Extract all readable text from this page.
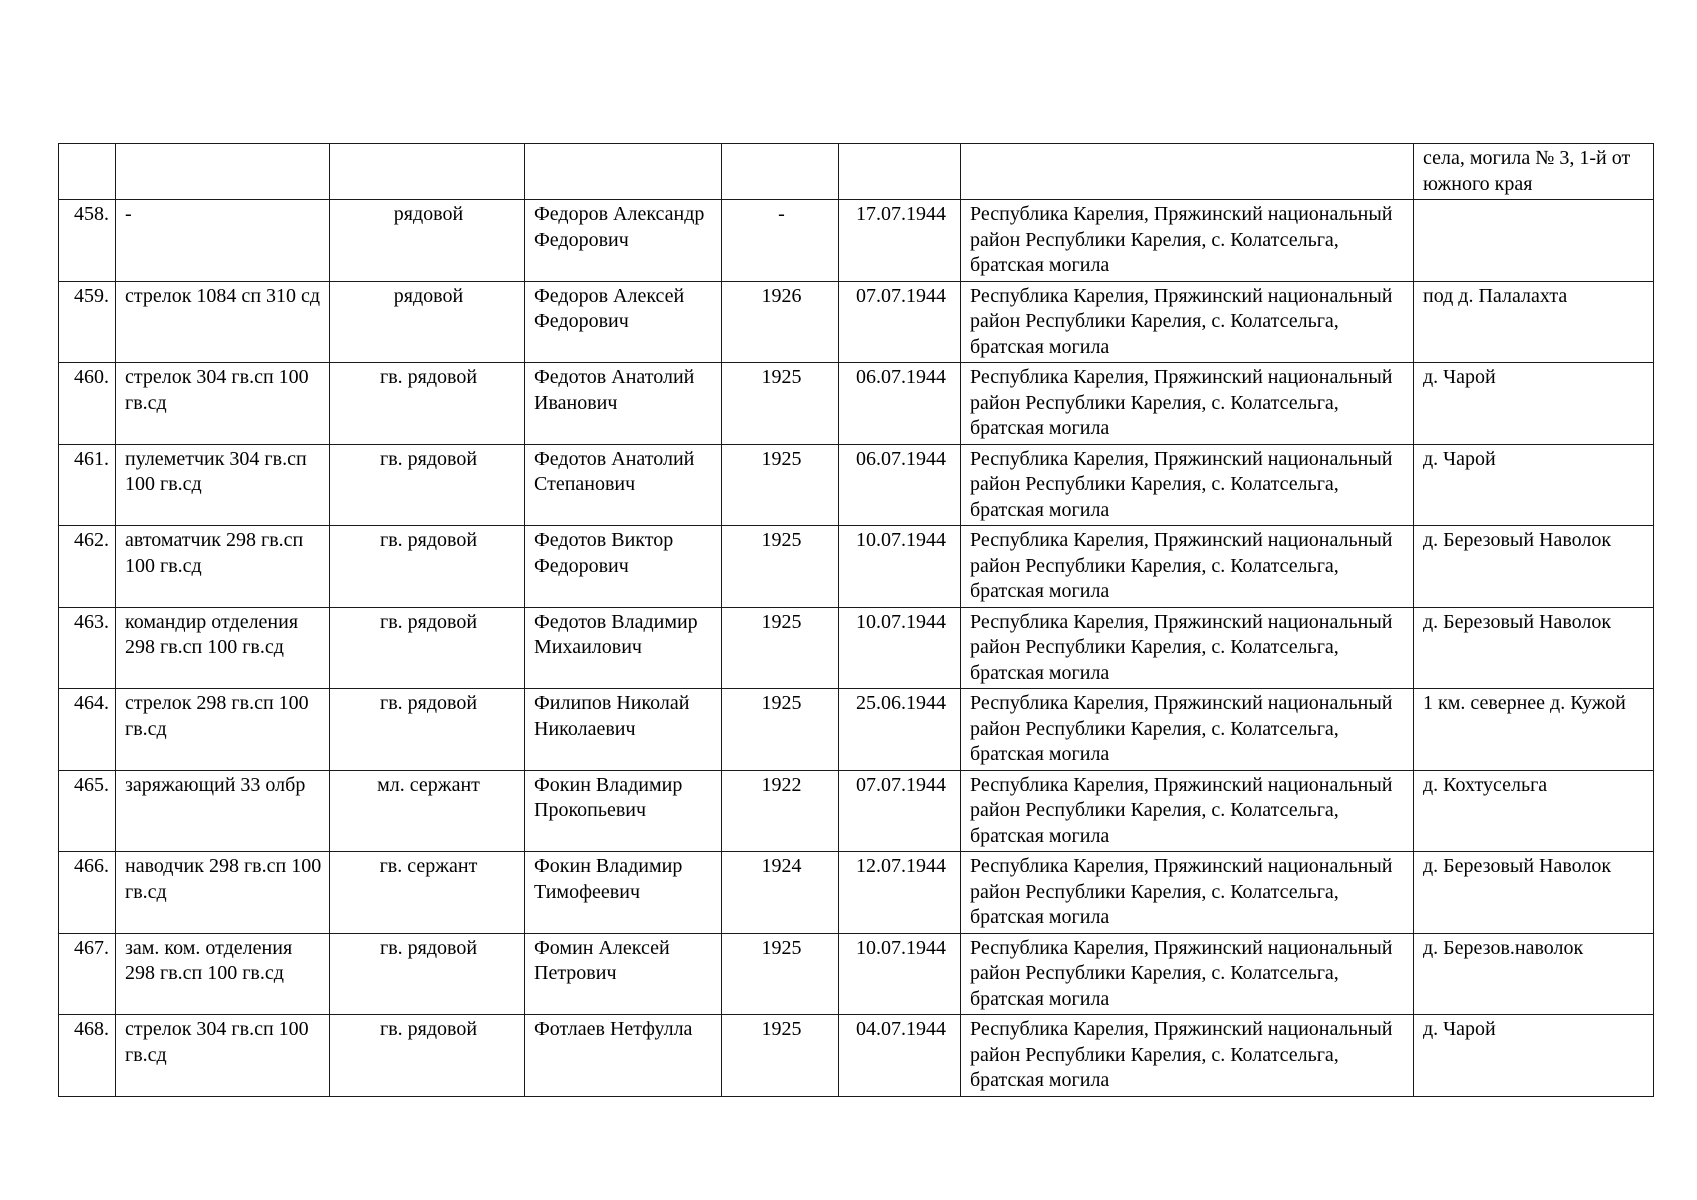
							села, могила № 3, 1-й от южного края
458.	-	рядовой	Федоров Александр Федорович	-	17.07.1944	Республика Карелия, Пряжинский национальный район Республики Карелия, с. Колатсельга, братская могила	
459.	стрелок 1084 сп 310 сд	рядовой	Федоров Алексей Федорович	1926	07.07.1944	Республика Карелия, Пряжинский национальный район Республики Карелия, с. Колатсельга, братская могила	под д. Палалахта
460.	стрелок 304 гв.сп 100 гв.сд	гв. рядовой	Федотов Анатолий Иванович	1925	06.07.1944	Республика Карелия, Пряжинский национальный район Республики Карелия, с. Колатсельга, братская могила	д. Чарой
461.	пулеметчик 304 гв.сп 100 гв.сд	гв. рядовой	Федотов Анатолий Степанович	1925	06.07.1944	Республика Карелия, Пряжинский национальный район Республики Карелия, с. Колатсельга, братская могила	д. Чарой
462.	автоматчик 298 гв.сп 100 гв.сд	гв. рядовой	Федотов Виктор Федорович	1925	10.07.1944	Республика Карелия, Пряжинский национальный район Республики Карелия, с. Колатсельга, братская могила	д. Березовый Наволок
463.	командир отделения 298 гв.сп 100 гв.сд	гв. рядовой	Федотов Владимир Михаилович	1925	10.07.1944	Республика Карелия, Пряжинский национальный район Республики Карелия, с. Колатсельга, братская могила	д. Березовый Наволок
464.	стрелок 298 гв.сп 100 гв.сд	гв. рядовой	Филипов Николай Николаевич	1925	25.06.1944	Республика Карелия, Пряжинский национальный район Республики Карелия, с. Колатсельга, братская могила	1 км. севернее д. Кужой
465.	заряжающий 33 олбр	мл. сержант	Фокин Владимир Прокопьевич	1922	07.07.1944	Республика Карелия, Пряжинский национальный район Республики Карелия, с. Колатсельга, братская могила	д. Кохтусельга
466.	наводчик 298 гв.сп 100 гв.сд	гв. сержант	Фокин Владимир Тимофеевич	1924	12.07.1944	Республика Карелия, Пряжинский национальный район Республики Карелия, с. Колатсельга, братская могила	д. Березовый Наволок
467.	зам. ком. отделения 298 гв.сп 100 гв.сд	гв. рядовой	Фомин Алексей Петрович	1925	10.07.1944	Республика Карелия, Пряжинский национальный район Республики Карелия, с. Колатсельга, братская могила	д. Березов.наволок
468.	стрелок 304 гв.сп 100 гв.сд	гв. рядовой	Фотлаев Нетфулла	1925	04.07.1944	Республика Карелия, Пряжинский национальный район Республики Карелия, с. Колатсельга, братская могила	д. Чарой
